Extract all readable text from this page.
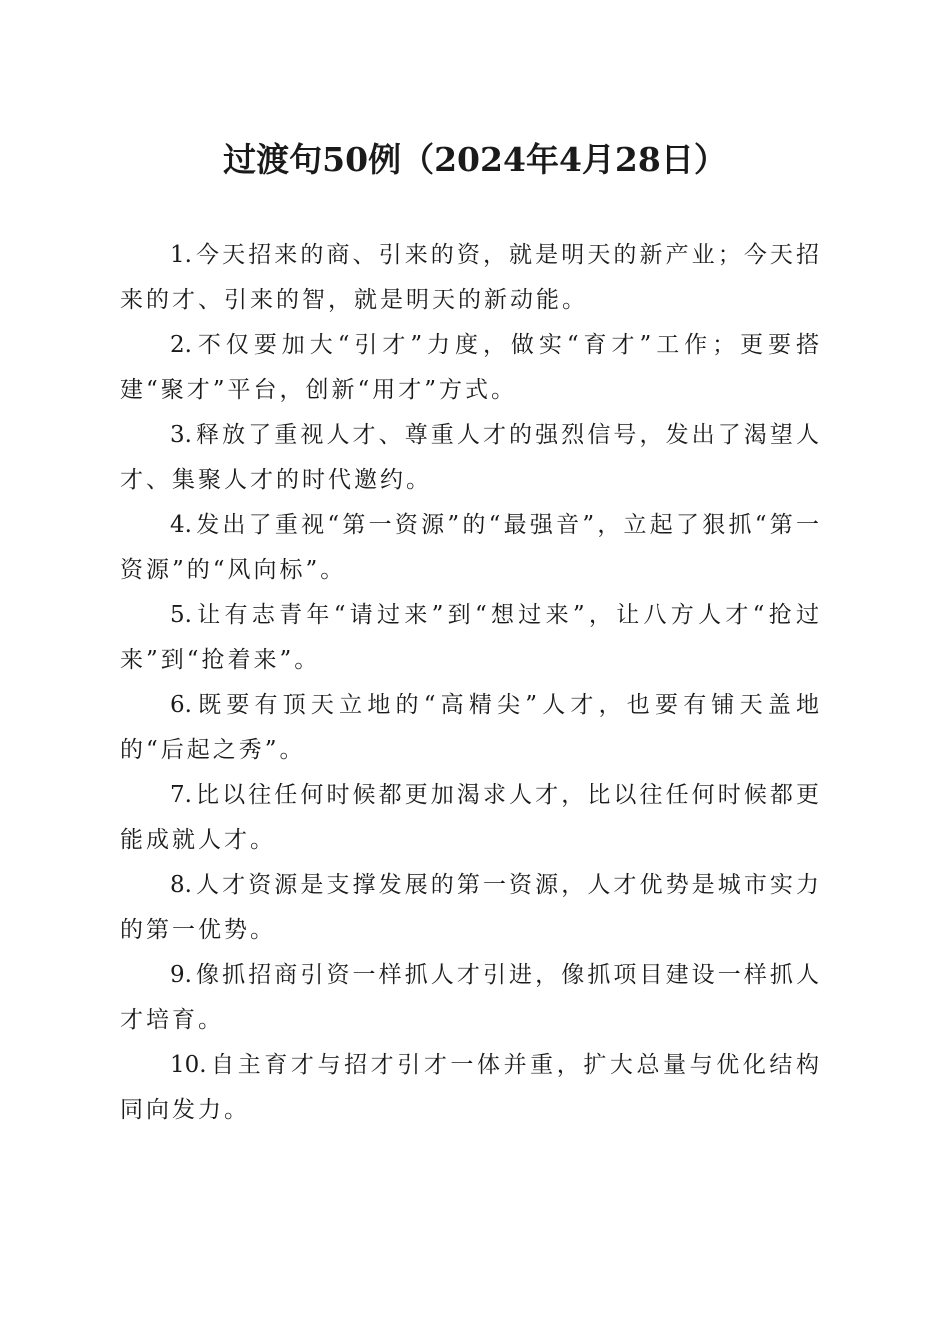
过渡句50例（2024年4月28日）

1. 今天招来的商、引来的资，就是明天的新产业；今天招来的才、引来的智，就是明天的新动能。

2. 不仅要加大“引才”力度，做实“育才”工作；更要搭建“聚才”平台，创新“用才”方式。

3. 释放了重视人才、尊重人才的强烈信号，发出了渴望人才、集聚人才的时代邀约。

4. 发出了重视“第一资源”的“最强音”，立起了狠抓“第一资源”的“风向标”。

5. 让有志青年“请过来”到“想过来”，让八方人才“抢过来”到“抢着来”。

6. 既要有顶天立地的“高精尖”人才，也要有铺天盖地的“后起之秀”。

7. 比以往任何时候都更加渴求人才，比以往任何时候都更能成就人才。

8. 人才资源是支撑发展的第一资源，人才优势是城市实力的第一优势。

9. 像抓招商引资一样抓人才引进，像抓项目建设一样抓人才培育。

10. 自主育才与招才引才一体并重，扩大总量与优化结构同向发力。
